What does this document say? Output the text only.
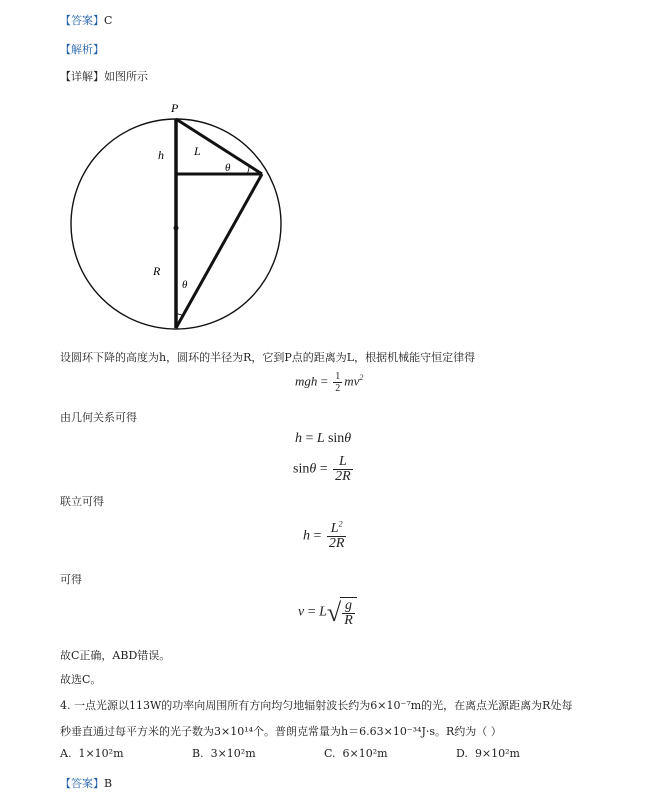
【答案】C
【解析】
【详解】如图所示
P
h	L
θ
R
θ
设圆环下降的高度为h，圆环的半径为R，它到P点的距离为L，根据机械能守恒定律得
mgh = $\frac{1}{2} mv^2$
由几何关系可得
h = L sinθ
$\sin\theta = \frac{L}{2R}$
联立可得
$h = \frac{L^2}{2R}$
可得
v = L √ $\frac{g}{R}$
故C正确，ABD错误。
故选C。
4. 一点光源以113W的功率向周围所有方向均匀地辐射波长约为6×10⁻⁷m的光，在离点光源距离为R处每
秒垂直通过每平方米的光子数为3×10¹⁴个。普朗克常量为h＝6.63×10⁻³⁴J·s。R约为（ ）
A. 1×10²m	B. 3×10²m	C. 6×10²m	D. 9×10²m
【答案】B
